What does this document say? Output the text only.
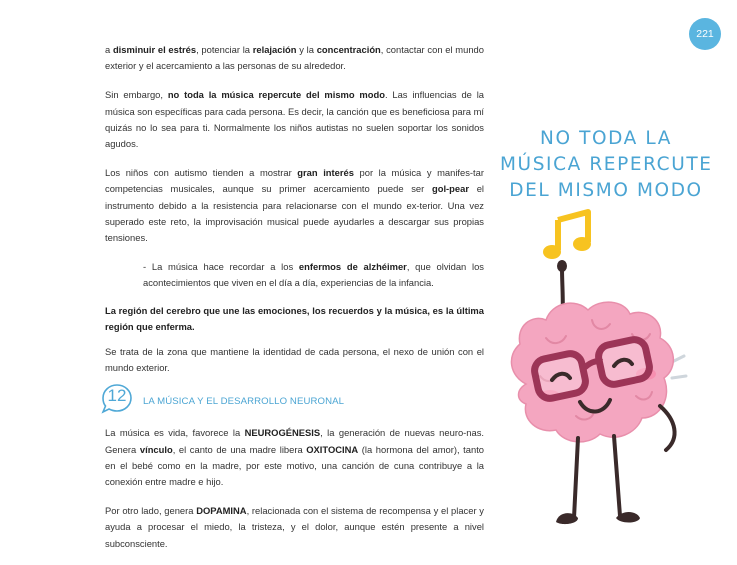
221

a disminuir el estrés, potenciar la relajación y la concentración, contactar con el mundo exterior y el acercamiento a las personas de su alrededor.

Sin embargo, no toda la música repercute del mismo modo. Las influencias de la música son específicas para cada persona. Es decir, la canción que es beneficiosa para mí quizás no lo sea para ti. Normalmente los niños autistas no suelen soportar los sonidos agudos.

Los niños con autismo tienden a mostrar gran interés por la música y manifes-tar competencias musicales, aunque su primer acercamiento puede ser gol-pear el instrumento debido a la resistencia para relacionarse con el mundo ex-terior. Una vez superado este reto, la improvisación musical puede ayudarles a descargar sus propias tensiones.

- La música hace recordar a los enfermos de alzhéimer, que olvidan los acontecimientos que viven en el día a día, experiencias de la infancia.

La región del cerebro que une las emociones, los recuerdos y la música, es la última región que enferma.

Se trata de la zona que mantiene la identidad de cada persona, el nexo de unión con el mundo exterior.

12	LA MÚSICA Y EL DESARROLLO NEURONAL

La música es vida, favorece la NEUROGÉNESIS, la generación de nuevas neuro-nas. Genera vínculo, el canto de una madre libera OXITOCINA (la hormona del amor), tanto en el bebé como en la madre, por este motivo, una canción de cuna contribuye a la conexión entre madre e hijo.

Por otro lado, genera DOPAMINA, relacionada con el sistema de recompensa y el placer y ayuda a procesar el miedo, la tristeza, y el dolor, aunque estén presente a nivel subconsciente.

NO TODA LA
MÚSICA REPERCUTE
DEL MISMO MODO
